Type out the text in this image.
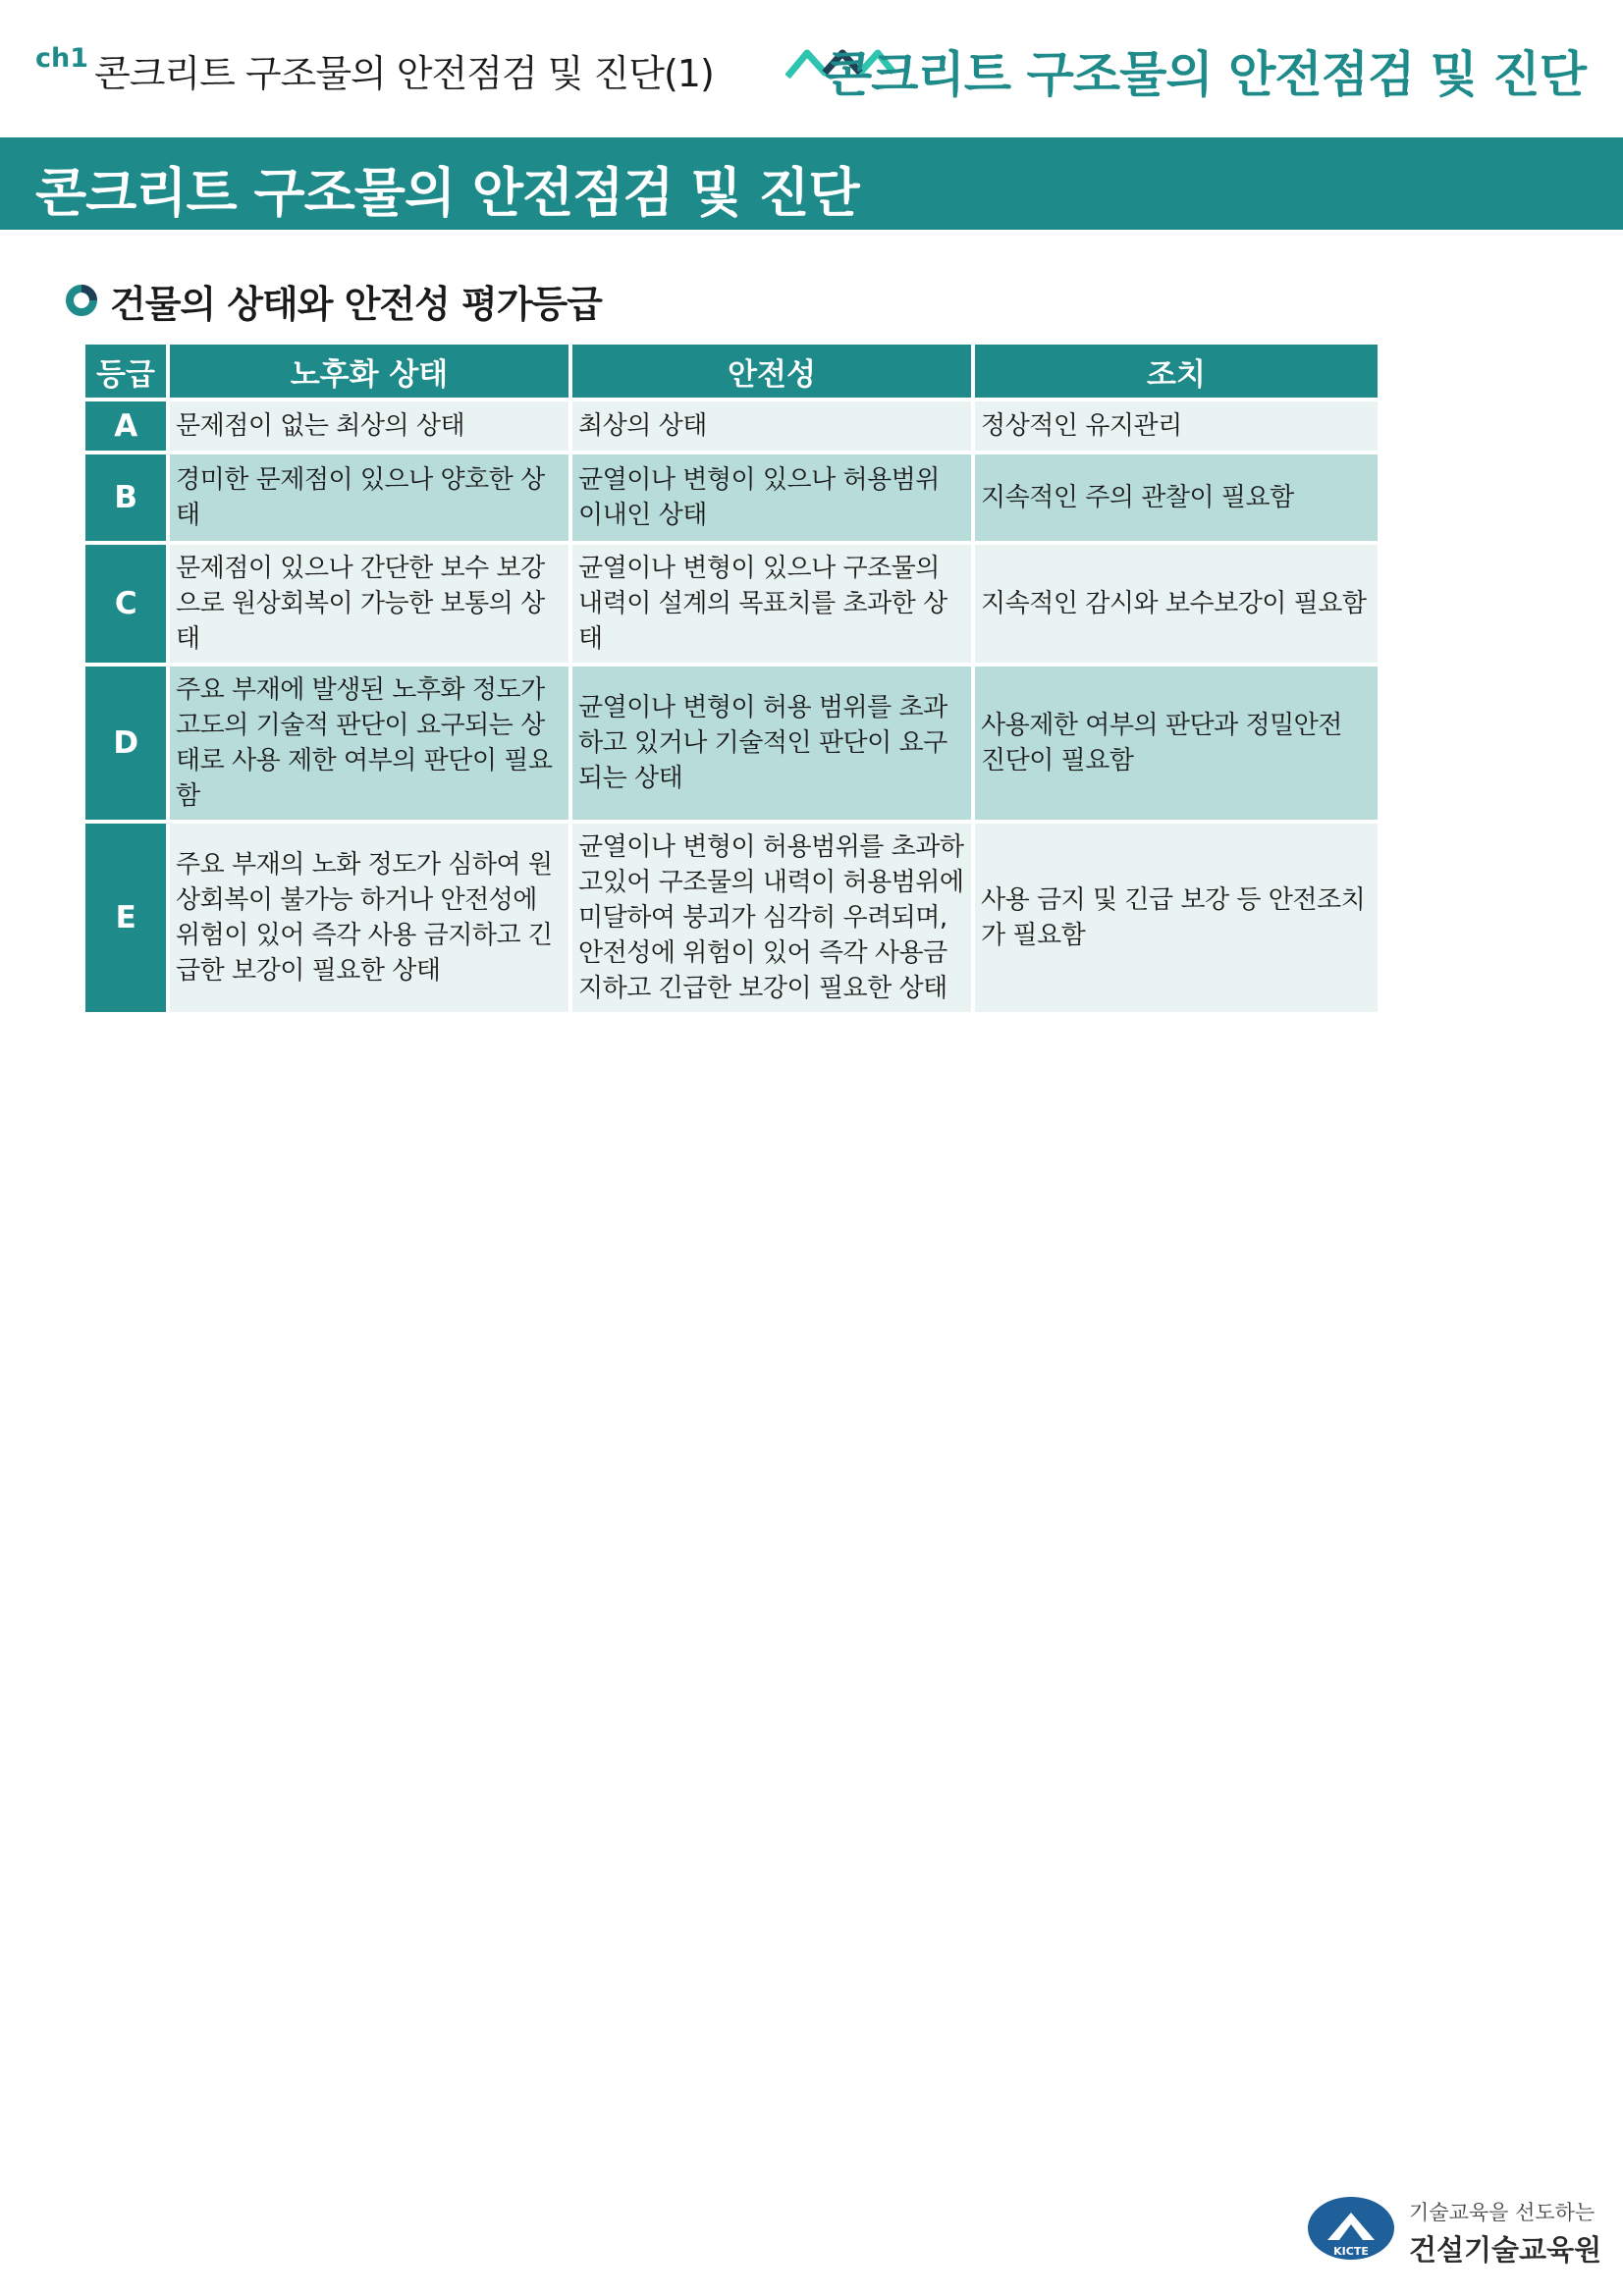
ch1 콘크리트 구조물의 안전점검 및 진단(1) 콘크리트 구조물의 안전점검 및 진단
콘크리트 구조물의 안전점검 및 진단
건물의 상태와 안전성 평가등급
등급	노후화 상태	안전성	조치
A	문제점이 없는 최상의 상태	최상의 상태	정상적인 유지관리
B	경미한 문제점이 있으나 양호한 상태	균열이나 변형이 있으나 허용범위 이내인 상태	지속적인 주의 관찰이 필요함
C	문제점이 있으나 간단한 보수 보강으로 원상회복이 가능한 보통의 상태	균열이나 변형이 있으나 구조물의 내력이 설계의 목표치를 초과한 상태	지속적인 감시와 보수보강이 필요함
D	주요 부재에 발생된 노후화 정도가 고도의 기술적 판단이 요구되는 상태로 사용 제한 여부의 판단이 필요함	균열이나 변형이 허용 범위를 초과하고 있거나 기술적인 판단이 요구되는 상태	사용제한 여부의 판단과 정밀안전 진단이 필요함
E	주요 부재의 노화 정도가 심하여 원상회복이 불가능 하거나 안전성에 위험이 있어 즉각 사용 금지하고 긴급한 보강이 필요한 상태	균열이나 변형이 허용범위를 초과하고있어 구조물의 내력이 허용범위에 미달하여 붕괴가 심각히 우려되며, 안전성에 위험이 있어 즉각 사용금지하고 긴급한 보강이 필요한 상태	사용 금지 및 긴급 보강 등 안전조치가 필요함
KICTE
기술교육을 선도하는
건설기술교육원
